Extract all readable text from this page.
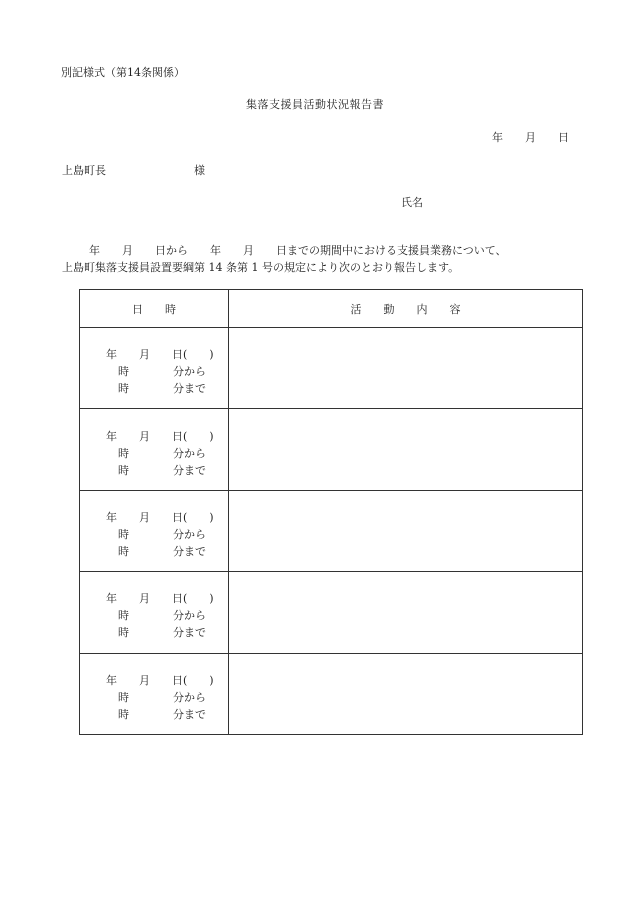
別記様式（第14条関係）
集落支援員活動状況報告書
年　　月　　日
上島町長	様
氏名
年　　月　　日から　　年　　月　　日までの期間中における支援員業務について、
上島町集落支援員設置要綱第 14 条第 1 号の規定により次のとおり報告します。
日　　時	活　　動　　内　　容

年　　月　　日(　　)
時　　　　分から
時　　　　分まで	

年　　月　　日(　　)
時　　　　分から
時　　　　分まで	

年　　月　　日(　　)
時　　　　分から
時　　　　分まで	

年　　月　　日(　　)
時　　　　分から
時　　　　分まで	

年　　月　　日(　　)
時　　　　分から
時　　　　分まで	
